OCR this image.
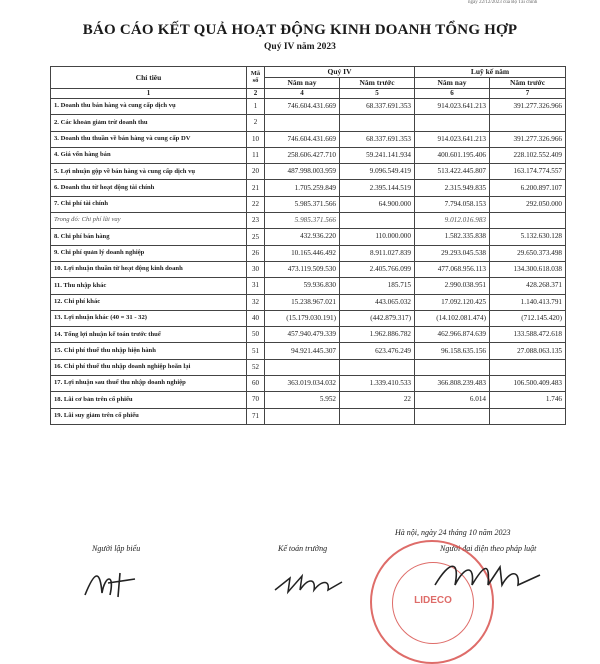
ngày 22/12/2023 của Bộ Tài chính
BÁO CÁO KẾT QUẢ HOẠT ĐỘNG KINH DOANH TỔNG HỢP
Quý IV năm 2023
Chỉ tiêu	Mã số	Quý IV		Luỹ kế năm	
		Năm nay	Năm trước	Năm nay	Năm trước
1	2	4	5	6	7
1. Doanh thu bán hàng và cung cấp dịch vụ	1	746.604.431.669	68.337.691.353	914.023.641.213	391.277.326.966
2. Các khoản giảm trừ doanh thu	2				
3. Doanh thu thuần về bán hàng và cung cấp DV	10	746.604.431.669	68.337.691.353	914.023.641.213	391.277.326.966
4. Giá vốn hàng bán	11	258.606.427.710	59.241.141.934	400.601.195.406	228.102.552.409
5. Lợi nhuận gộp về bán hàng và cung cấp dịch vụ	20	487.998.003.959	9.096.549.419	513.422.445.807	163.174.774.557
6. Doanh thu từ hoạt động tài chính	21	1.705.259.849	2.395.144.519	2.315.949.835	6.200.897.107
7. Chi phí tài chính	22	5.985.371.566	64.900.000	7.794.058.153	292.050.000
Trong đó: Chi phí lãi vay	23	5.985.371.566		9.012.016.983	
8. Chi phí bán hàng	25	432.936.220	110.000.000	1.582.335.838	5.132.630.128
9. Chi phí quản lý doanh nghiệp	26	10.165.446.492	8.911.027.839	29.293.045.538	29.650.373.498
10. Lợi nhuận thuần từ hoạt động kinh doanh	30	473.119.509.530	2.405.766.099	477.068.956.113	134.300.618.038
11. Thu nhập khác	31	59.936.830	185.715	2.990.038.951	428.268.371
12. Chi phí khác	32	15.238.967.021	443.065.032	17.092.120.425	1.140.413.791
13. Lợi nhuận khác (40 = 31 - 32)	40	(15.179.030.191)	(442.879.317)	(14.102.081.474)	(712.145.420)
14. Tổng lợi nhuận kế toán trước thuế	50	457.940.479.339	1.962.886.782	462.966.874.639	133.588.472.618
15. Chi phí thuế thu nhập hiện hành	51	94.921.445.307	623.476.249	96.158.635.156	27.088.063.135
16. Chi phí thuế thu nhập doanh nghiệp hoãn lại	52				
17. Lợi nhuận sau thuế thu nhập doanh nghiệp	60	363.019.034.032	1.339.410.533	366.808.239.483	106.500.409.483
18. Lãi cơ bản trên cổ phiếu	70	5.952	22	6.014	1.746
19. Lãi suy giảm trên cổ phiếu	71				
Hà nội, ngày 24 tháng 10 năm 2023
Người lập biểu	Kế toán trưởng	Người đại diện theo pháp luật
LIDECO
